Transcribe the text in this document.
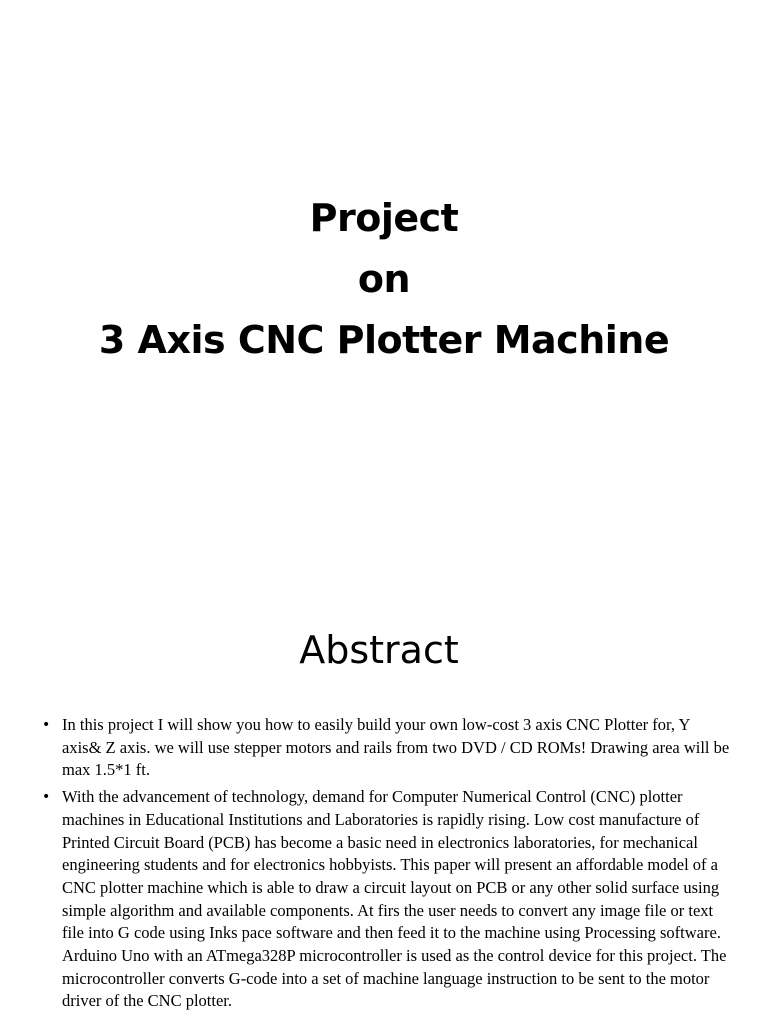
Project
on
3 Axis CNC Plotter Machine
Abstract
• In this project I will show you how to easily build your own low-cost 3 axis CNC Plotter for, Y axis& Z axis. we will use stepper motors and rails from two DVD / CD ROMs! Drawing area will be max 1.5*1 ft.
• With the advancement of technology, demand for Computer Numerical Control (CNC) plotter machines in Educational Institutions and Laboratories is rapidly rising. Low cost manufacture of Printed Circuit Board (PCB) has become a basic need in electronics laboratories, for mechanical engineering students and for electronics hobbyists. This paper will present an affordable model of a CNC plotter machine which is able to draw a circuit layout on PCB or any other solid surface using simple algorithm and available components. At firs the user needs to convert any image file or text file into G code using Inks pace software and then feed it to the machine using Processing software. Arduino Uno with an ATmega328P microcontroller is used as the control device for this project. The microcontroller converts G-code into a set of machine language instruction to be sent to the motor driver of the CNC plotter.
